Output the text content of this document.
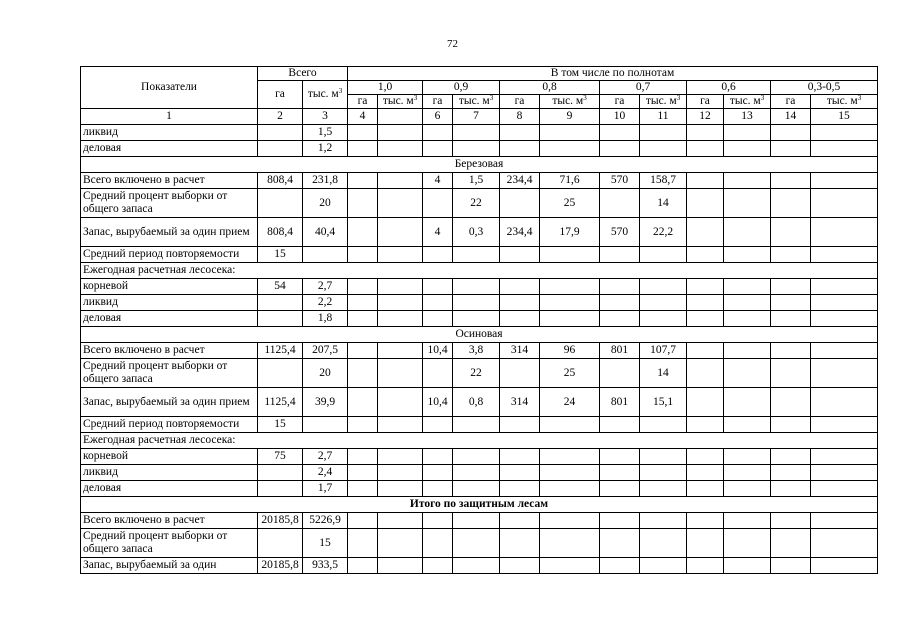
72
Показатели	Всего		В том числе по полнотам											
	га	тыс. $м^3$	1,0		0,9		0,8		0,7		0,6		0,3-0,5	
			га	тыс. $м^3$	га	тыс. $м^3$	га	тыс. $м^3$	га	тыс. $м^3$	га	тыс. $м^3$	га	тыс. $м^3$
1	2	3	4		6	7	8	9	10	11	12	13	14	15
ликвид		1,5												
деловая		1,2												
Березовая														
Всего включено в расчет	808,4	231,8			4	1,5	234,4	71,6	570	158,7				
Средний процент выборки от общего запаса		20				22		25		14				
Запас, вырубаемый за один прием	808,4	40,4			4	0,3	234,4	17,9	570	22,2				
Средний период повторяемости	15													
Ежегодная расчетная лесосека:														
корневой	54	2,7												
ликвид		2,2												
деловая		1,8												
Осиновая														
Всего включено в расчет	1125,4	207,5			10,4	3,8	314	96	801	107,7				
Средний процент выборки от общего запаса		20				22		25		14				
Запас, вырубаемый за один прием	1125,4	39,9			10,4	0,8	314	24	801	15,1				
Средний период повторяемости	15													
Ежегодная расчетная лесосека:														
корневой	75	2,7												
ликвид		2,4												
деловая		1,7												
Итого по защитным лесам														
Всего включено в расчет	20185,8	5226,9												
Средний процент выборки от общего запаса		15												
Запас, вырубаемый за один	20185,8	933,5												
